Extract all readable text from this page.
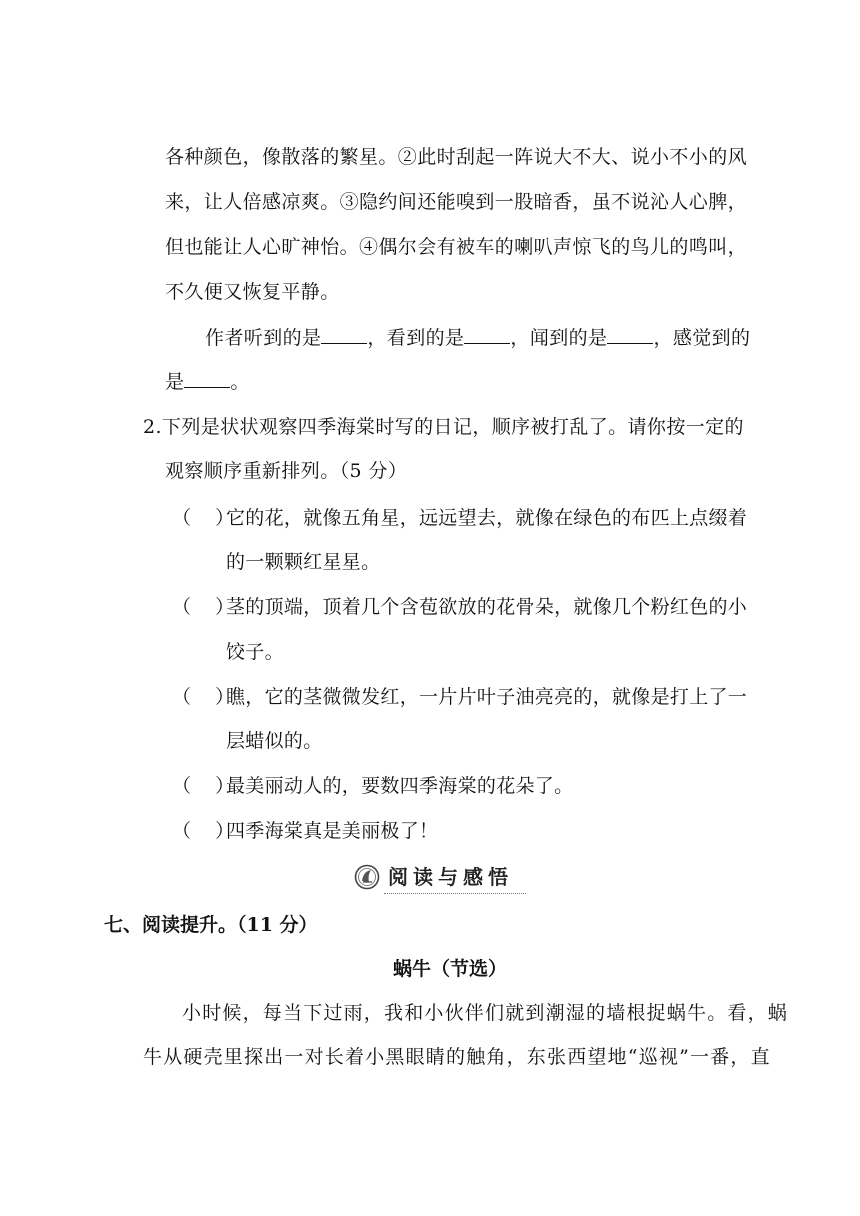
各种颜色，像散落的繁星。②此时刮起一阵说大不大、说小不小的风
来，让人倍感凉爽。③隐约间还能嗅到一股暗香，虽不说沁人心脾，
但也能让人心旷神怡。④偶尔会有被车的喇叭声惊飞的鸟儿的鸣叫，
不久便又恢复平静。
作者听到的是 ，看到的是 ，闻到的是 ，感觉到的
是 。
2.下列是状状观察四季海棠时写的日记，顺序被打乱了。请你按一定的
观察顺序重新排列。（5 分）
（    ）
它的花，就像五角星，远远望去，就像在绿色的布匹上点缀着
的一颗颗红星星。
（    ）
茎的顶端，顶着几个含苞欲放的花骨朵，就像几个粉红色的小
饺子。
（    ）
瞧，它的茎微微发红，一片片叶子油亮亮的，就像是打上了一
层蜡似的。
（    ）
最美丽动人的，要数四季海棠的花朵了。
（    ）
四季海棠真是美丽极了！
阅读与感悟
七、阅读提升。（11 分）
蜗牛（节选）
小时候，每当下过雨，我和小伙伴们就到潮湿的墙根捉蜗牛。看，蜗
牛从硬壳里探出一对长着小黑眼睛的触角，东张西望地“巡视”一番，直
